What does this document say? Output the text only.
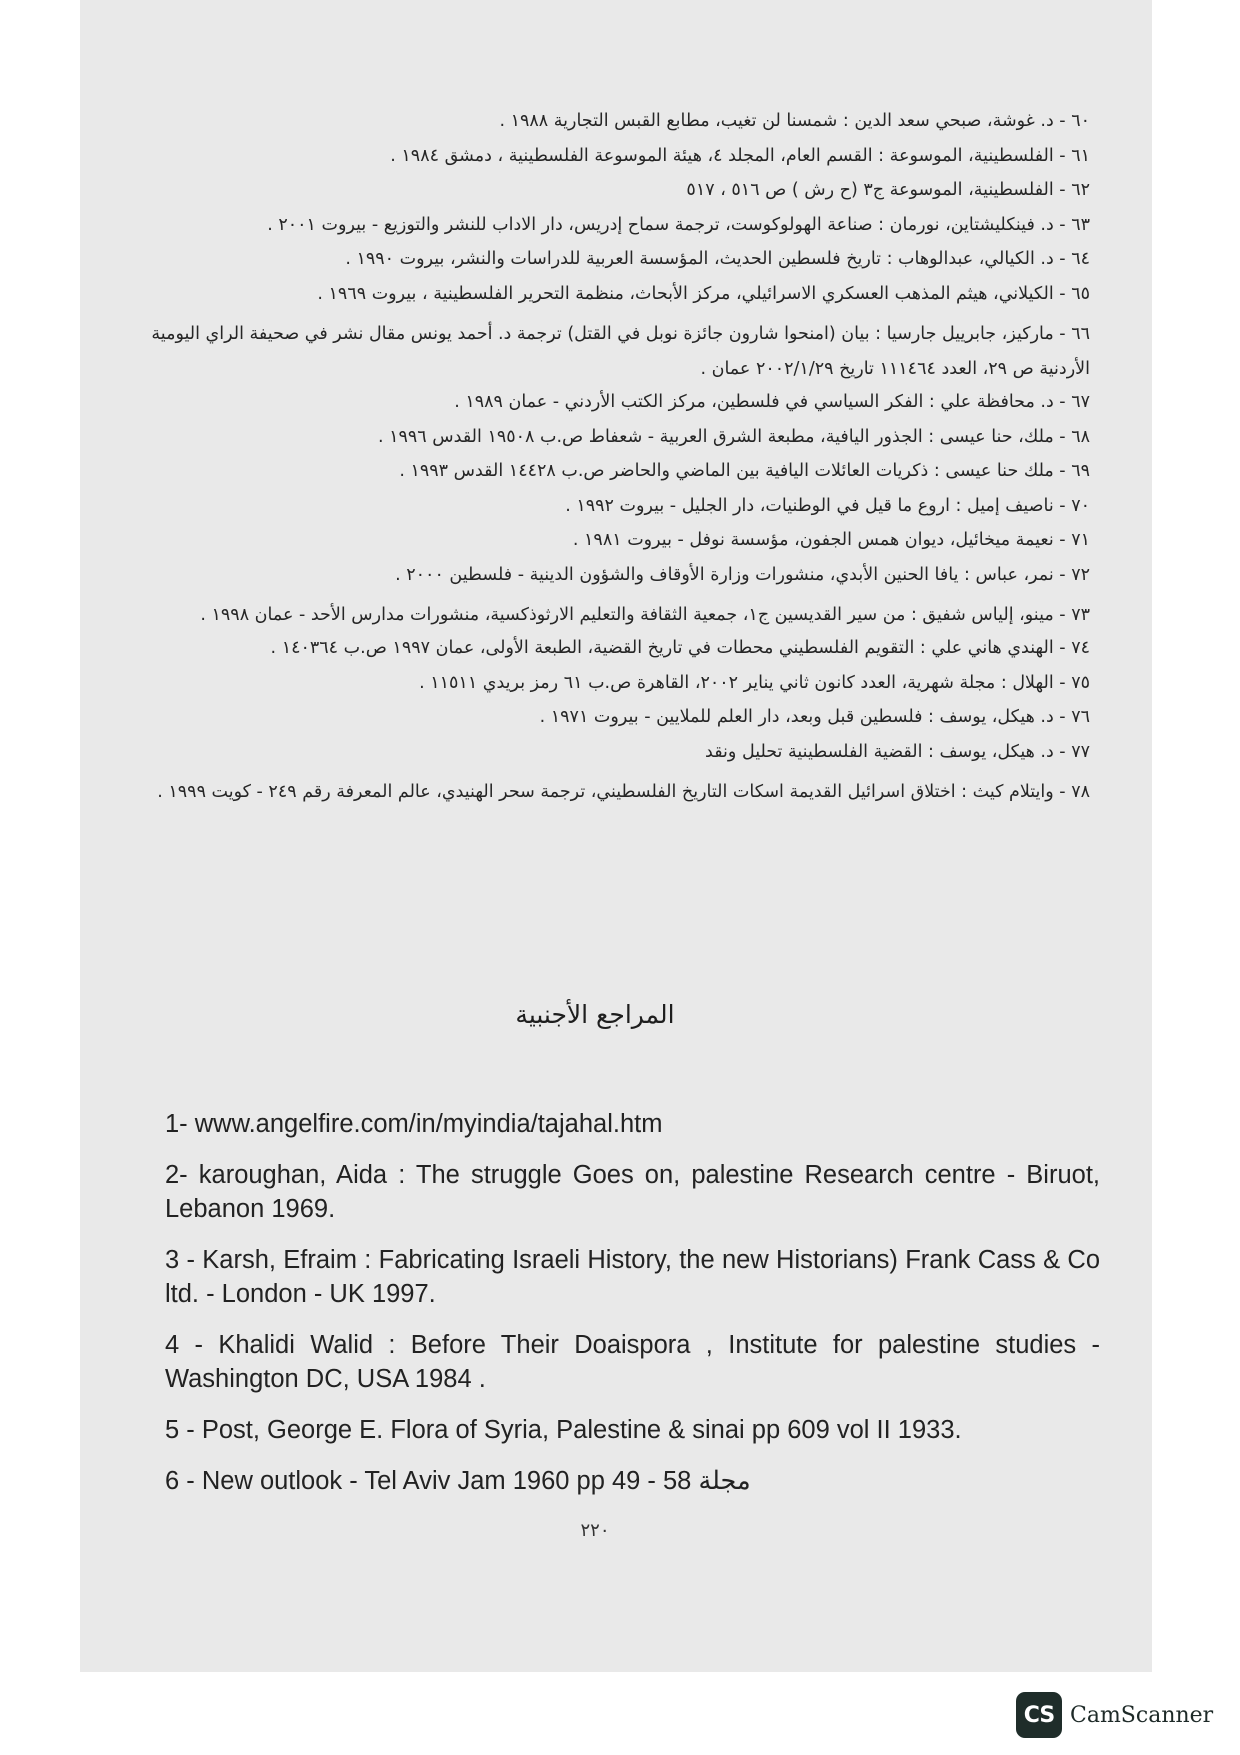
٦٠ - د. غوشة، صبحي سعد الدين : شمسنا لن تغيب، مطابع القبس التجارية ١٩٨٨ .

٦١ - الفلسطينية، الموسوعة : القسم العام، المجلد ٤، هيئة الموسوعة الفلسطينية ، دمشق ١٩٨٤ .

٦٢ - الفلسطينية، الموسوعة ج٣ (ح رش ) ص ٥١٦ ، ٥١٧

٦٣ - د. فينكليشتاين، نورمان : صناعة الهولوكوست، ترجمة سماح إدريس، دار الاداب للنشر والتوزيع - بيروت ٢٠٠١ .

٦٤ - د. الكيالي، عبدالوهاب : تاريخ فلسطين الحديث، المؤسسة العربية للدراسات والنشر، بيروت ١٩٩٠ .

٦٥ - الكيلاني، هيثم المذهب العسكري الاسرائيلي، مركز الأبحاث، منظمة التحرير الفلسطينية ، بيروت ١٩٦٩ .

٦٦ - ماركيز، جابرييل جارسيا : بيان (امنحوا شارون جائزة نوبل في القتل) ترجمة د. أحمد يونس مقال نشر في صحيفة الراي اليومية الأردنية ص ٢٩، العدد ١١١٤٦٤ تاريخ ٢٠٠٢/١/٢٩ عمان .

٦٧ - د. محافظة علي : الفكر السياسي في فلسطين، مركز الكتب الأردني - عمان ١٩٨٩ .

٦٨ - ملك، حنا عيسى : الجذور اليافية، مطبعة الشرق العربية - شعفاط ص.ب ١٩٥٠٨ القدس ١٩٩٦ .

٦٩ - ملك حنا عيسى : ذكريات العائلات اليافية بين الماضي والحاضر ص.ب ١٤٤٢٨ القدس ١٩٩٣ .

٧٠ - ناصيف إميل : اروع ما قيل في الوطنيات، دار الجليل - بيروت ١٩٩٢ .

٧١ - نعيمة ميخائيل، ديوان همس الجفون، مؤسسة نوفل - بيروت ١٩٨١ .

٧٢ - نمر، عباس : يافا الحنين الأبدي، منشورات وزارة الأوقاف والشؤون الدينية - فلسطين ٢٠٠٠ .

٧٣ - مينو، إلياس شفيق : من سير القديسين ج١، جمعية الثقافة والتعليم الارثوذكسية، منشورات مدارس الأحد - عمان ١٩٩٨ .

٧٤ - الهندي هاني علي : التقويم الفلسطيني محطات في تاريخ القضية، الطبعة الأولى، عمان ١٩٩٧ ص.ب ١٤٠٣٦٤ .

٧٥ - الهلال : مجلة شهرية، العدد كانون ثاني يناير ٢٠٠٢، القاهرة ص.ب ٦١ رمز بريدي ١١٥١١ .

٧٦ - د. هيكل، يوسف : فلسطين قبل وبعد، دار العلم للملايين - بيروت ١٩٧١ .

٧٧ - د. هيكل، يوسف : القضية الفلسطينية تحليل ونقد

٧٨ - وايتلام كيث : اختلاق اسرائيل القديمة اسكات التاريخ الفلسطيني، ترجمة سحر الهنيدي، عالم المعرفة رقم ٢٤٩ - كويت ١٩٩٩ .

المراجع الأجنبية

1- www.angelfire.com/in/myindia/tajahal.htm

2- karoughan, Aida : The struggle Goes on, palestine Research centre - Biruot, Lebanon 1969.

3 - Karsh, Efraim : Fabricating Israeli History, the new Historians) Frank Cass & Co ltd. - London - UK 1997.

4 - Khalidi Walid : Before Their Doaispora , Institute for palestine studies - Washington DC, USA 1984 .

5 - Post, George E. Flora of Syria, Palestine & sinai pp 609 vol II 1933.

6 - New outlook - Tel Aviv Jam 1960 pp 49 - 58 مجلة

٢٢٠
CS CamScanner
